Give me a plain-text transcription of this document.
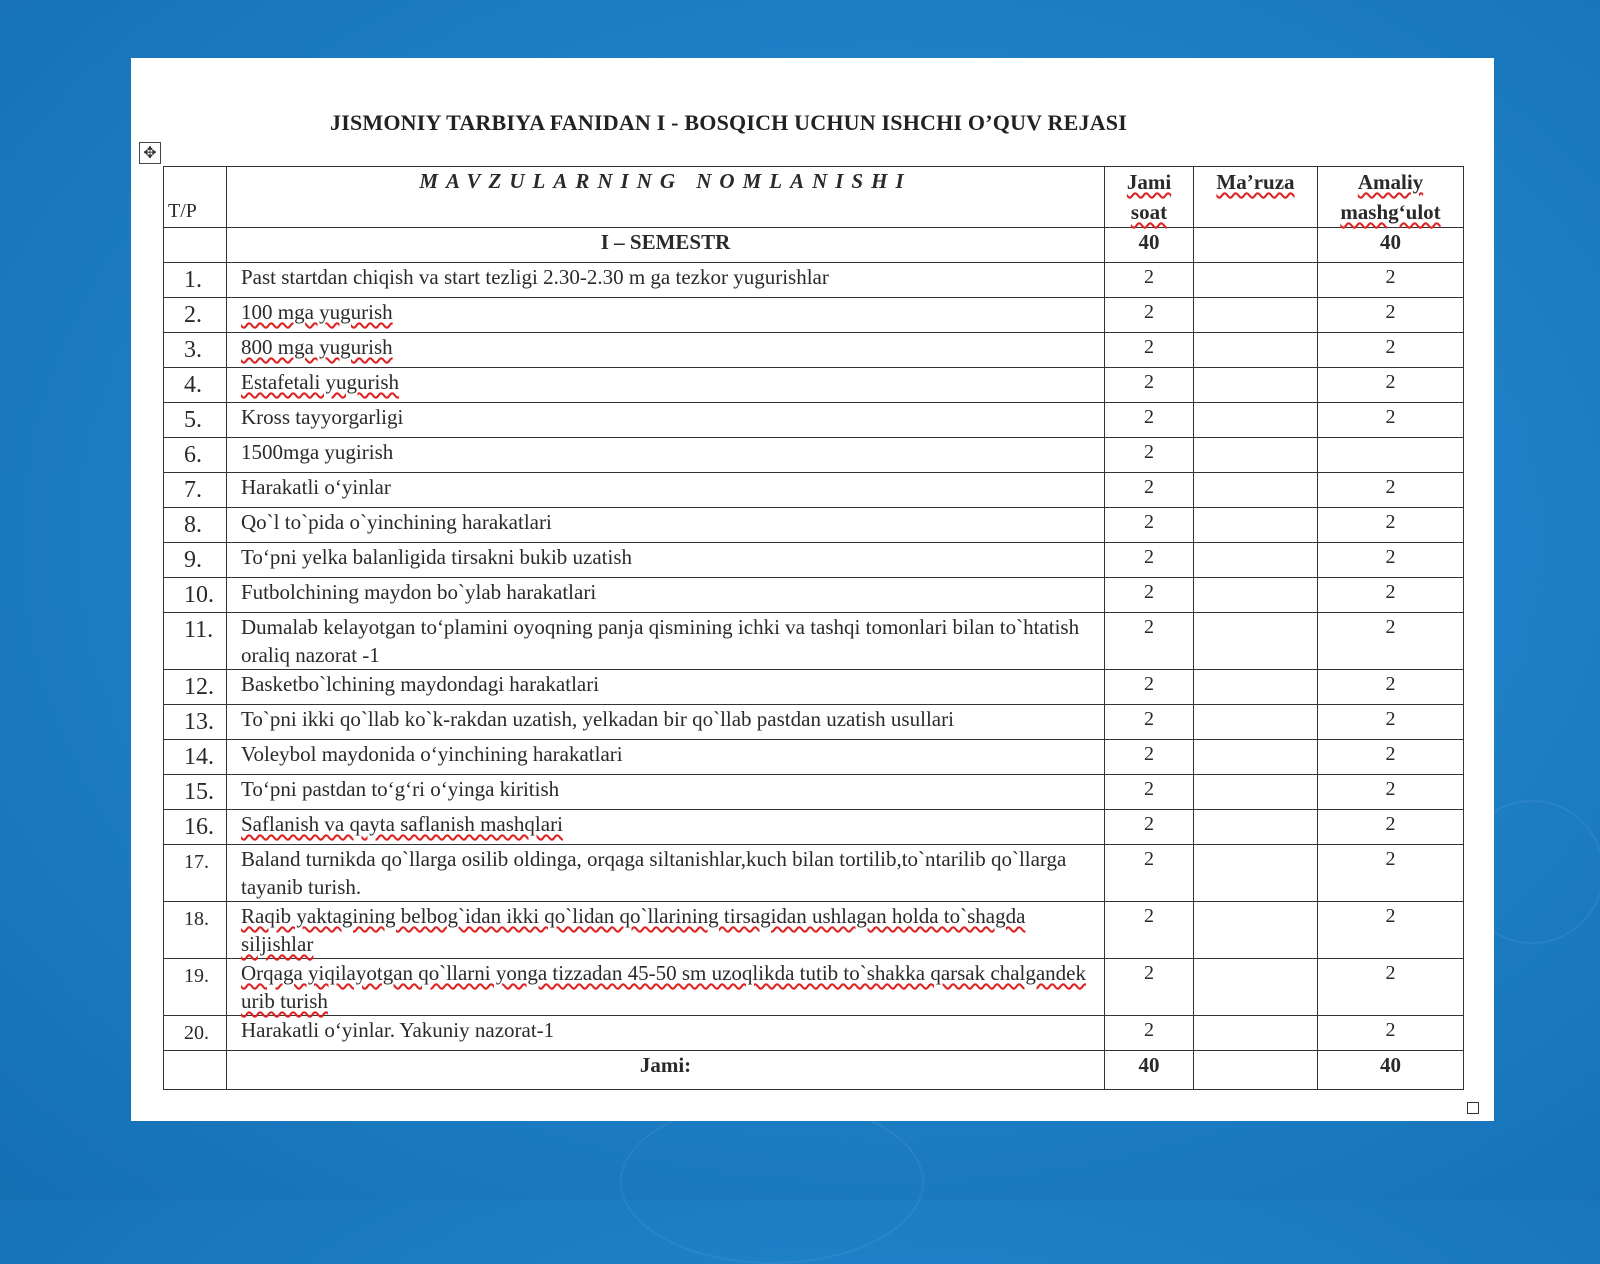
JISMONIY TARBIYA FANIDAN I - BOSQICH UCHUN ISHCHI O’QUV REJASI
✥
T/P	MAVZULARNING NOMLANISHI	Jami soat	Ma’ruza	Amaliy mashg‘ulot
	I – SEMESTR	40		40
1.	Past startdan chiqish va start tezligi 2.30-2.30 m ga tezkor yugurishlar	2		2
2.	100 mga yugurish	2		2
3.	800 mga yugurish	2		2
4.	Estafetali yugurish	2		2
5.	Kross tayyorgarligi	2		2
6.	1500mga yugirish	2		
7.	Harakatli o‘yinlar	2		2
8.	Qo`l to`pida o`yinchining harakatlari	2		2
9.	To‘pni yelka balanligida tirsakni bukib uzatish	2		2
10.	Futbolchining maydon bo`ylab harakatlari	2		2
11.	Dumalab kelayotgan to‘plamini oyoqning panja qismining ichki va tashqi tomonlari bilan to`htatish oraliq nazorat -1	2		2
12.	Basketbo`lchining maydondagi harakatlari	2		2
13.	To`pni ikki qo`llab ko`k-rakdan uzatish, yelkadan bir qo`llab pastdan uzatish usullari	2		2
14.	Voleybol maydonida o‘yinchining harakatlari	2		2
15.	To‘pni pastdan to‘g‘ri o‘yinga kiritish	2		2
16.	Saflanish va qayta saflanish mashqlari	2		2
17.	Baland turnikda qo`llarga osilib oldinga, orqaga siltanishlar,kuch bilan tortilib,to`ntarilib qo`llarga tayanib turish.	2		2
18.	Raqib yaktagining belbog`idan ikki qo`lidan qo`llarining tirsagidan ushlagan holda to`shagda siljishlar	2		2
19.	Orqaga yiqilayotgan qo`llarni yonga tizzadan 45-50 sm uzoqlikda tutib to`shakka qarsak chalgandek urib turish	2		2
20.	Harakatli o‘yinlar. Yakuniy nazorat-1	2		2
	Jami:	40		40
